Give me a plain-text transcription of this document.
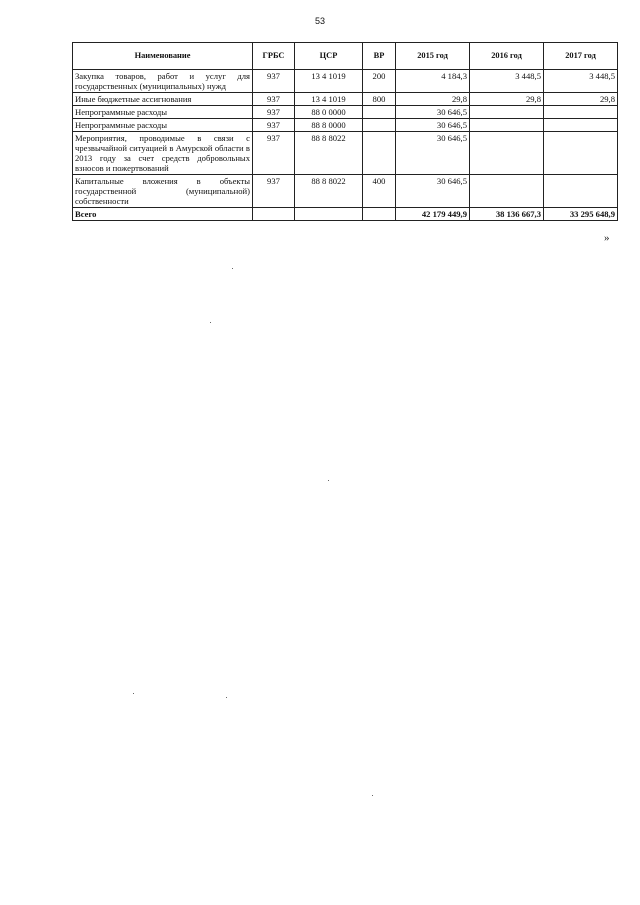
53
Наименование	ГРБС	ЦСР	ВР	2015 год	2016 год	2017 год
Закупка товаров, работ и услуг для государственных (муниципальных) нужд	937	13 4 1019	200	4 184,3	3 448,5	3 448,5
Иные бюджетные ассигнования	937	13 4 1019	800	29,8	29,8	29,8
Непрограммные расходы	937	88 0 0000		30 646,5		
Непрограммные расходы	937	88 8 0000		30 646,5		
Мероприятия, проводимые в связи с чрезвычайной ситуацией в Амурской области в 2013 году за счет средств добровольных взносов и пожертвований	937	88 8 8022		30 646,5		
Капитальные вложения в объекты государственной (муниципальной) собственности	937	88 8 8022	400	30 646,5		
Всего				42 179 449,9	38 136 667,3	33 295 648,9
»
